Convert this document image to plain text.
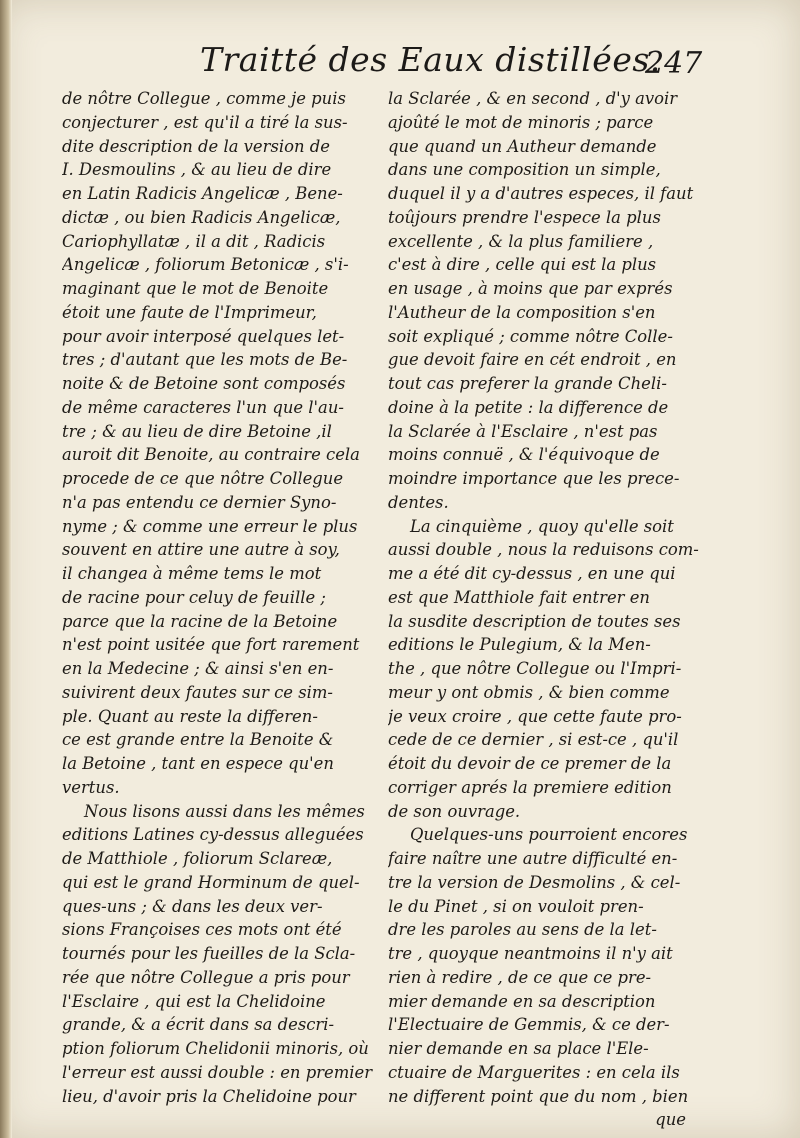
Traitté des Eaux distillées.
247
de nôtre Collegue , comme je puis
conjecturer , est qu'il a tiré la sus-
dite description de la version de
I. Desmoulins , & au lieu de dire
en Latin Radicis Angelicæ , Bene-
dictæ , ou bien Radicis Angelicæ,
Cariophyllatæ , il a dit , Radicis
Angelicæ , foliorum Betonicæ , s'i-
maginant que le mot de Benoite
étoit une faute de l'Imprimeur,
pour avoir interposé quelques let-
tres ; d'autant que les mots de Be-
noite & de Betoine sont composés
de même caracteres l'un que l'au-
tre ; & au lieu de dire Betoine ,il
auroit dit Benoite, au contraire cela
procede de ce que nôtre Collegue
n'a pas entendu ce dernier Syno-
nyme ; & comme une erreur le plus
souvent en attire une autre à soy,
il changea à même tems le mot
de racine pour celuy de feuille ;
parce que la racine de la Betoine
n'est point usitée que fort rarement
en la Medecine ; & ainsi s'en en-
suivirent deux fautes sur ce sim-
ple. Quant au reste la differen-
ce est grande entre la Benoite &
la Betoine , tant en espece qu'en
vertus.
Nous lisons aussi dans les mêmes
editions Latines cy-dessus alleguées
de Matthiole , foliorum Sclareæ,
qui est le grand Horminum de quel-
ques-uns ; & dans les deux ver-
sions Françoises ces mots ont été
tournés pour les fueilles de la Scla-
rée que nôtre Collegue a pris pour
l'Esclaire , qui est la Chelidoine
grande, & a écrit dans sa descri-
ption foliorum Chelidonii minoris, où
l'erreur est aussi double : en premier
lieu, d'avoir pris la Chelidoine pour
la Sclarée , & en second , d'y avoir
ajoûté le mot de minoris ; parce
que quand un Autheur demande
dans une composition un simple,
duquel il y a d'autres especes, il faut
toûjours prendre l'espece la plus
excellente , & la plus familiere ,
c'est à dire , celle qui est la plus
en usage , à moins que par exprés
l'Autheur de la composition s'en
soit expliqué ; comme nôtre Colle-
gue devoit faire en cét endroit , en
tout cas preferer la grande Cheli-
doine à la petite : la difference de
la Sclarée à l'Esclaire , n'est pas
moins connuë , & l'équivoque de
moindre importance que les prece-
dentes.
La cinquième , quoy qu'elle soit
aussi double , nous la reduisons com-
me a été dit cy-dessus , en une qui
est que Matthiole fait entrer en
la susdite description de toutes ses
editions le Pulegium, & la Men-
the , que nôtre Collegue ou l'Impri-
meur y ont obmis , & bien comme
je veux croire , que cette faute pro-
cede de ce dernier , si est-ce , qu'il
étoit du devoir de ce premer de la
corriger aprés la premiere edition
de son ouvrage.
Quelques-uns pourroient encores
faire naître une autre difficulté en-
tre la version de Desmolins , & cel-
le du Pinet , si on vouloit pren-
dre les paroles au sens de la let-
tre , quoyque neantmoins il n'y ait
rien à redire , de ce que ce pre-
mier demande en sa description
l'Electuaire de Gemmis, & ce der-
nier demande en sa place l'Ele-
ctuaire de Marguerites : en cela ils
ne different point que du nom , bien
que
